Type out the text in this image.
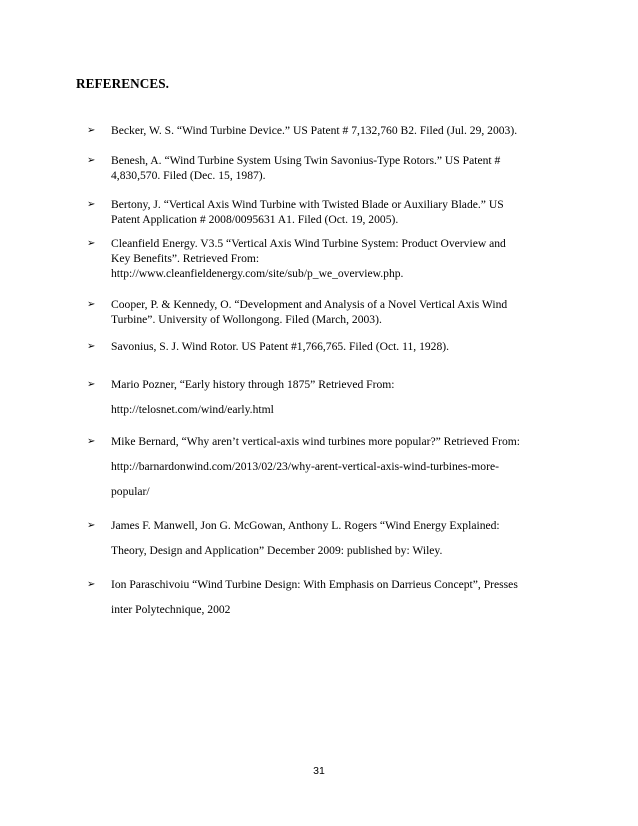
REFERENCES.
➢	Becker, W. S. “Wind Turbine Device.” US Patent # 7,132,760 B2. Filed (Jul. 29, 2003).
➢	Benesh, A. “Wind Turbine System Using Twin Savonius-Type Rotors.” US Patent #
4,830,570. Filed (Dec. 15, 1987).
➢	Bertony, J. “Vertical Axis Wind Turbine with Twisted Blade or Auxiliary Blade.” US
Patent Application # 2008/0095631 A1. Filed (Oct. 19, 2005).
➢	Cleanfield Energy. V3.5 “Vertical Axis Wind Turbine System: Product Overview and
Key Benefits”. Retrieved From:
http://www.cleanfieldenergy.com/site/sub/p_we_overview.php.
➢	Cooper, P. & Kennedy, O. “Development and Analysis of a Novel Vertical Axis Wind
Turbine”. University of Wollongong. Filed (March, 2003).
➢	Savonius, S. J. Wind Rotor. US Patent #1,766,765. Filed (Oct. 11, 1928).
➢	Mario Pozner, “Early history through 1875” Retrieved From:
http://telosnet.com/wind/early.html
➢	Mike Bernard, “Why aren’t vertical-axis wind turbines more popular?” Retrieved From:
http://barnardonwind.com/2013/02/23/why-arent-vertical-axis-wind-turbines-more-
popular/
➢	James F. Manwell, Jon G. McGowan, Anthony L. Rogers “Wind Energy Explained:
Theory, Design and Application” December 2009: published by: Wiley.
➢	Ion Paraschivoiu “Wind Turbine Design: With Emphasis on Darrieus Concept”, Presses
inter Polytechnique, 2002
31
